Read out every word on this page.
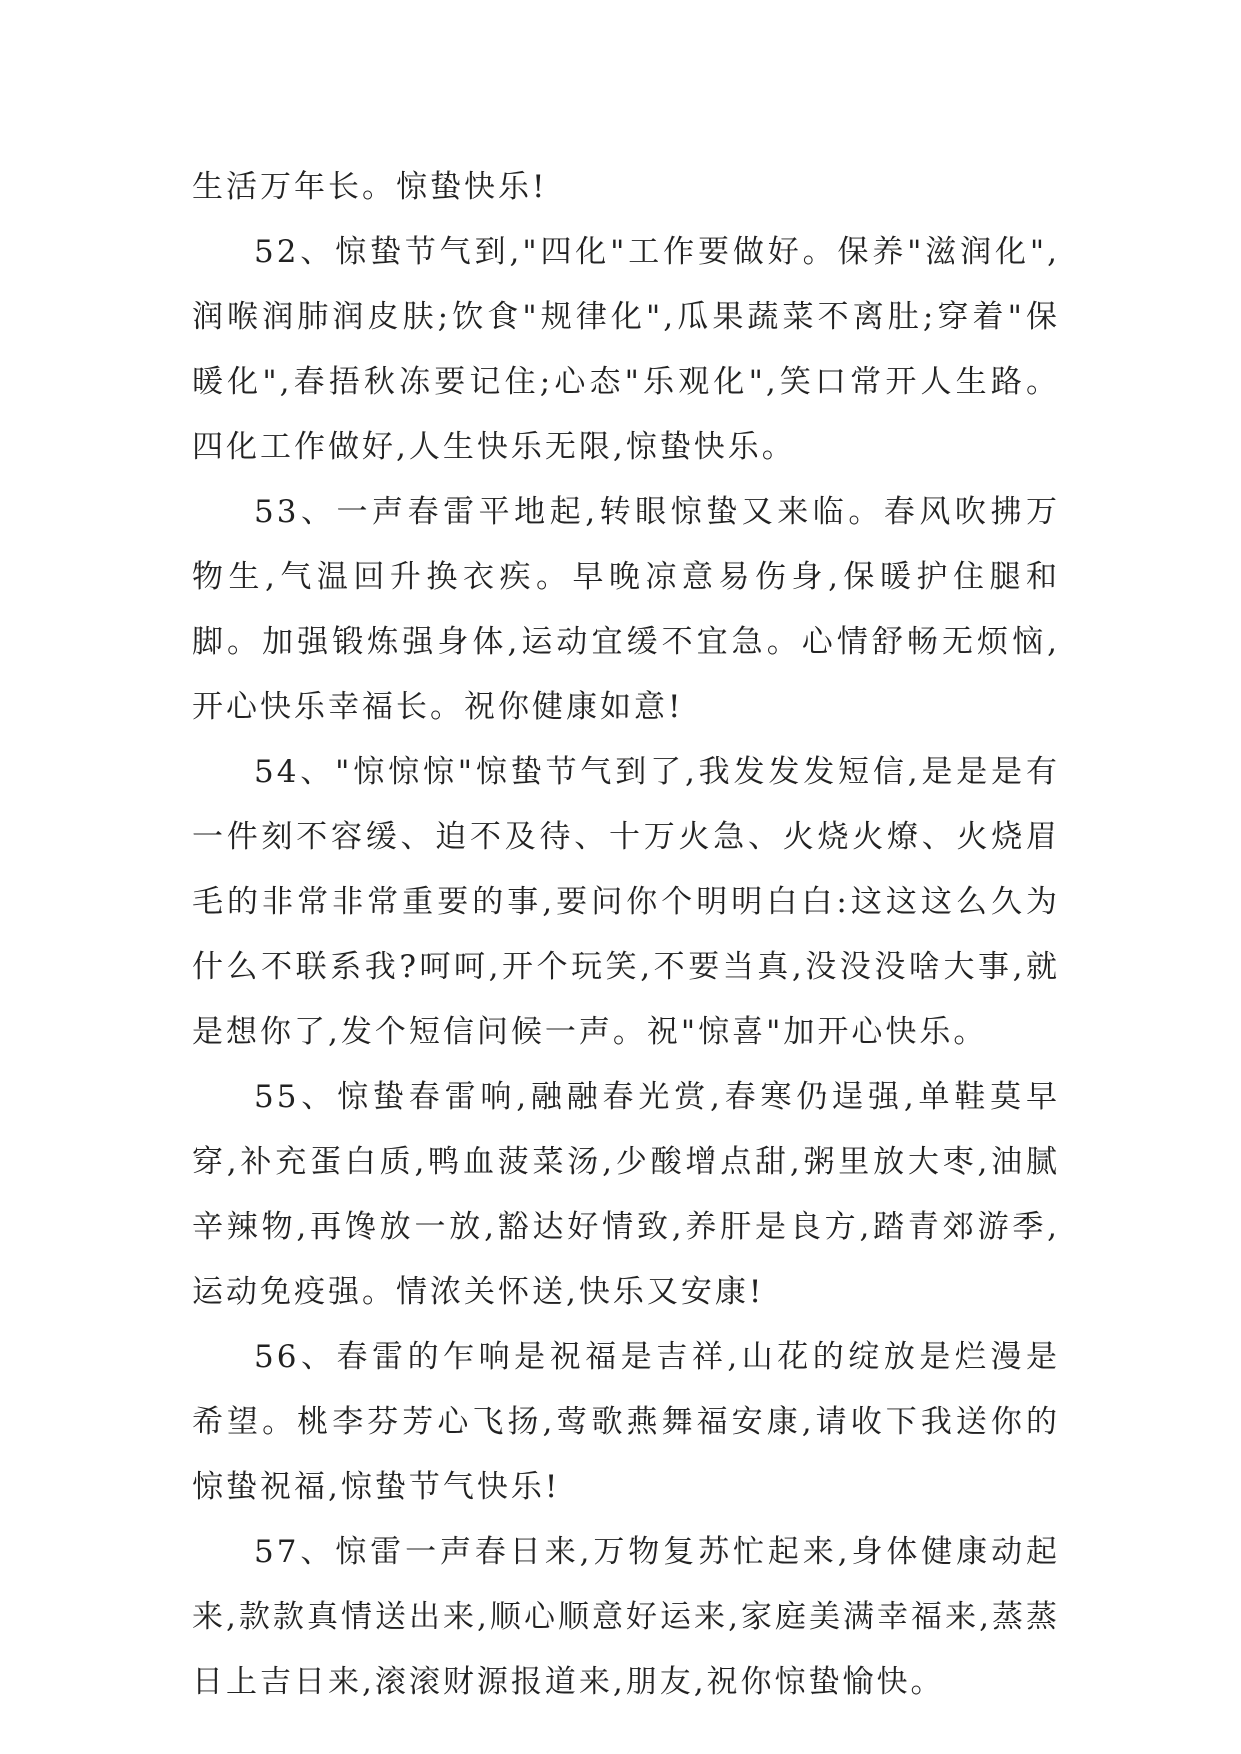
生活万年长。惊蛰快乐!

52、惊蛰节气到,"四化"工作要做好。保养"滋润化",润喉润肺润皮肤;饮食"规律化",瓜果蔬菜不离肚;穿着"保暖化",春捂秋冻要记住;心态"乐观化",笑口常开人生路。四化工作做好,人生快乐无限,惊蛰快乐。

53、一声春雷平地起,转眼惊蛰又来临。春风吹拂万物生,气温回升换衣疾。早晚凉意易伤身,保暖护住腿和脚。加强锻炼强身体,运动宜缓不宜急。心情舒畅无烦恼,开心快乐幸福长。祝你健康如意!

54、"惊惊惊"惊蛰节气到了,我发发发短信,是是是有一件刻不容缓、迫不及待、十万火急、火烧火燎、火烧眉毛的非常非常重要的事,要问你个明明白白:这这这么久为什么不联系我?呵呵,开个玩笑,不要当真,没没没啥大事,就是想你了,发个短信问候一声。祝"惊喜"加开心快乐。

55、惊蛰春雷响,融融春光赏,春寒仍逞强,单鞋莫早穿,补充蛋白质,鸭血菠菜汤,少酸增点甜,粥里放大枣,油腻辛辣物,再馋放一放,豁达好情致,养肝是良方,踏青郊游季,运动免疫强。情浓关怀送,快乐又安康!

56、春雷的乍响是祝福是吉祥,山花的绽放是烂漫是希望。桃李芬芳心飞扬,莺歌燕舞福安康,请收下我送你的惊蛰祝福,惊蛰节气快乐!

57、惊雷一声春日来,万物复苏忙起来,身体健康动起来,款款真情送出来,顺心顺意好运来,家庭美满幸福来,蒸蒸日上吉日来,滚滚财源报道来,朋友,祝你惊蛰愉快。
